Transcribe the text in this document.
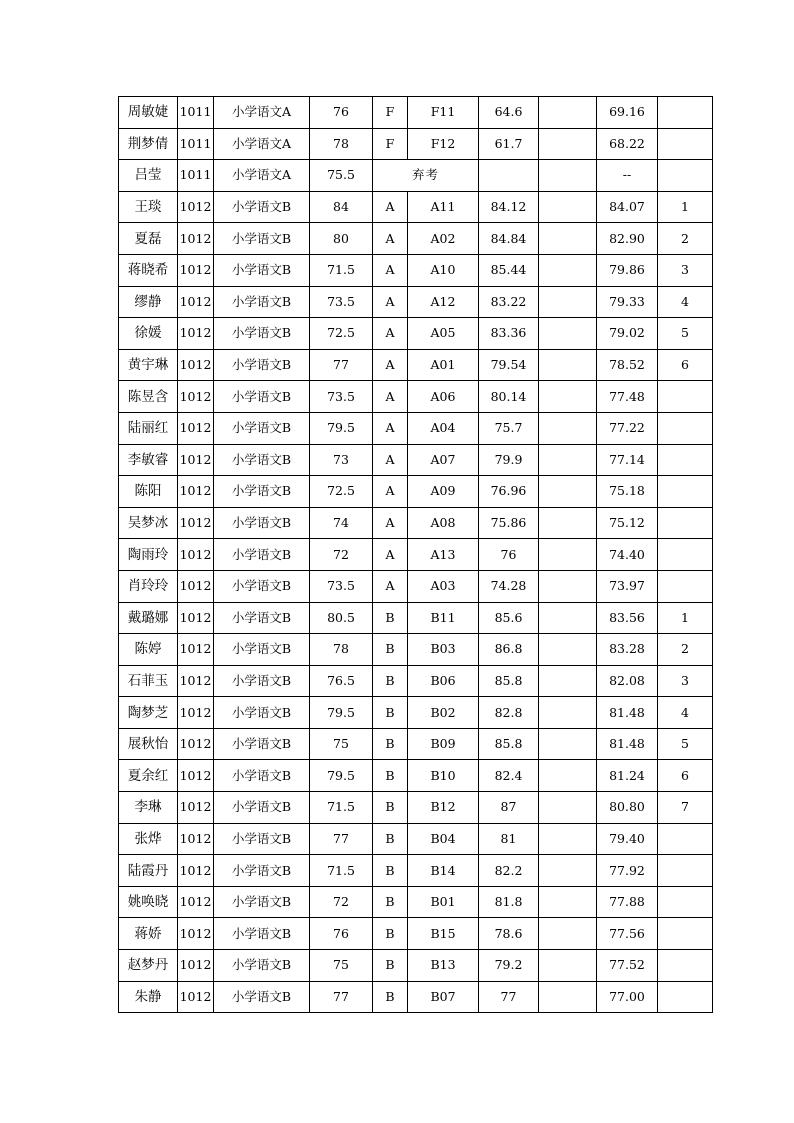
周敏婕	1011	小学语文A	76	F	F11	64.6		69.16	
荆梦倩	1011	小学语文A	78	F	F12	61.7		68.22	
吕莹	1011	小学语文A	75.5	弃考				--	
王琰	1012	小学语文B	84	A	A11	84.12		84.07	1
夏磊	1012	小学语文B	80	A	A02	84.84		82.90	2
蒋晓希	1012	小学语文B	71.5	A	A10	85.44		79.86	3
缪静	1012	小学语文B	73.5	A	A12	83.22		79.33	4
徐媛	1012	小学语文B	72.5	A	A05	83.36		79.02	5
黄宇琳	1012	小学语文B	77	A	A01	79.54		78.52	6
陈昱含	1012	小学语文B	73.5	A	A06	80.14		77.48	
陆丽红	1012	小学语文B	79.5	A	A04	75.7		77.22	
李敏睿	1012	小学语文B	73	A	A07	79.9		77.14	
陈阳	1012	小学语文B	72.5	A	A09	76.96		75.18	
吴梦冰	1012	小学语文B	74	A	A08	75.86		75.12	
陶雨玲	1012	小学语文B	72	A	A13	76		74.40	
肖玲玲	1012	小学语文B	73.5	A	A03	74.28		73.97	
戴璐娜	1012	小学语文B	80.5	B	B11	85.6		83.56	1
陈婷	1012	小学语文B	78	B	B03	86.8		83.28	2
石菲玉	1012	小学语文B	76.5	B	B06	85.8		82.08	3
陶梦芝	1012	小学语文B	79.5	B	B02	82.8		81.48	4
展秋怡	1012	小学语文B	75	B	B09	85.8		81.48	5
夏余红	1012	小学语文B	79.5	B	B10	82.4		81.24	6
李琳	1012	小学语文B	71.5	B	B12	87		80.80	7
张烨	1012	小学语文B	77	B	B04	81		79.40	
陆霞丹	1012	小学语文B	71.5	B	B14	82.2		77.92	
姚唤晓	1012	小学语文B	72	B	B01	81.8		77.88	
蒋娇	1012	小学语文B	76	B	B15	78.6		77.56	
赵梦丹	1012	小学语文B	75	B	B13	79.2		77.52	
朱静	1012	小学语文B	77	B	B07	77		77.00	
